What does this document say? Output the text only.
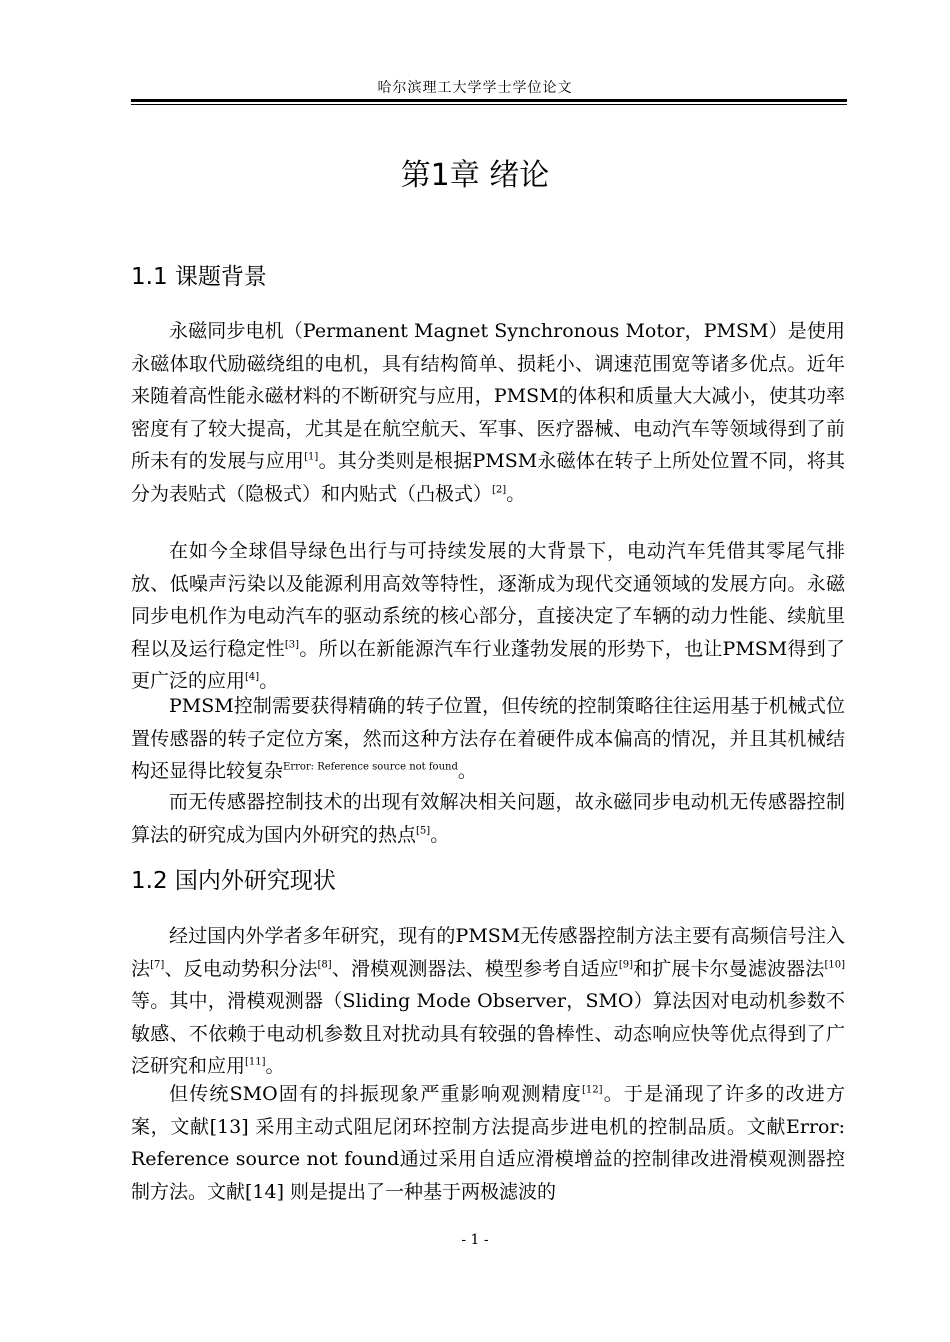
哈尔滨理工大学学士学位论文
第1章 绪论
1.1 课题背景

永磁同步电机（Permanent Magnet Synchronous Motor，PMSM）是使用永磁体取代励磁绕组的电机，具有结构简单、损耗小、调速范围宽等诸多优点。近年来随着高性能永磁材料的不断研究与应用，PMSM的体积和质量大大减小，使其功率密度有了较大提高，尤其是在航空航天、军事、医疗器械、电动汽车等领域得到了前所未有的发展与应用[1]。其分类则是根据PMSM永磁体在转子上所处位置不同，将其分为表贴式（隐极式）和内贴式（凸极式）[2]。

在如今全球倡导绿色出行与可持续发展的大背景下，电动汽车凭借其零尾气排放、低噪声污染以及能源利用高效等特性，逐渐成为现代交通领域的发展方向。永磁同步电机作为电动汽车的驱动系统的核心部分，直接决定了车辆的动力性能、续航里程以及运行稳定性[3]。所以在新能源汽车行业蓬勃发展的形势下，也让PMSM得到了更广泛的应用[4]。

PMSM控制需要获得精确的转子位置，但传统的控制策略往往运用基于机械式位置传感器的转子定位方案，然而这种方法存在着硬件成本偏高的情况，并且其机械结构还显得比较复杂$^{Error: Reference source not found}$。

而无传感器控制技术的出现有效解决相关问题，故永磁同步电动机无传感器控制算法的研究成为国内外研究的热点[5]。

1.2 国内外研究现状

经过国内外学者多年研究，现有的PMSM无传感器控制方法主要有高频信号注入法[7]、反电动势积分法[8]、滑模观测器法、模型参考自适应[9]和扩展卡尔曼滤波器法[10]等。其中，滑模观测器（Sliding Mode Observer，SMO）算法因对电动机参数不敏感、不依赖于电动机参数且对扰动具有较强的鲁棒性、动态响应快等优点得到了广泛研究和应用[11]。

但传统SMO固有的抖振现象严重影响观测精度[12]。于是涌现了许多的改进方案，文献[13] 采用主动式阻尼闭环控制方法提高步进电机的控制品质。文献Error: Reference source not found通过采用自适应滑模增益的控制律改进滑模观测器控制方法。文献[14] 则是提出了一种基于两极滤波的

- 1 -
